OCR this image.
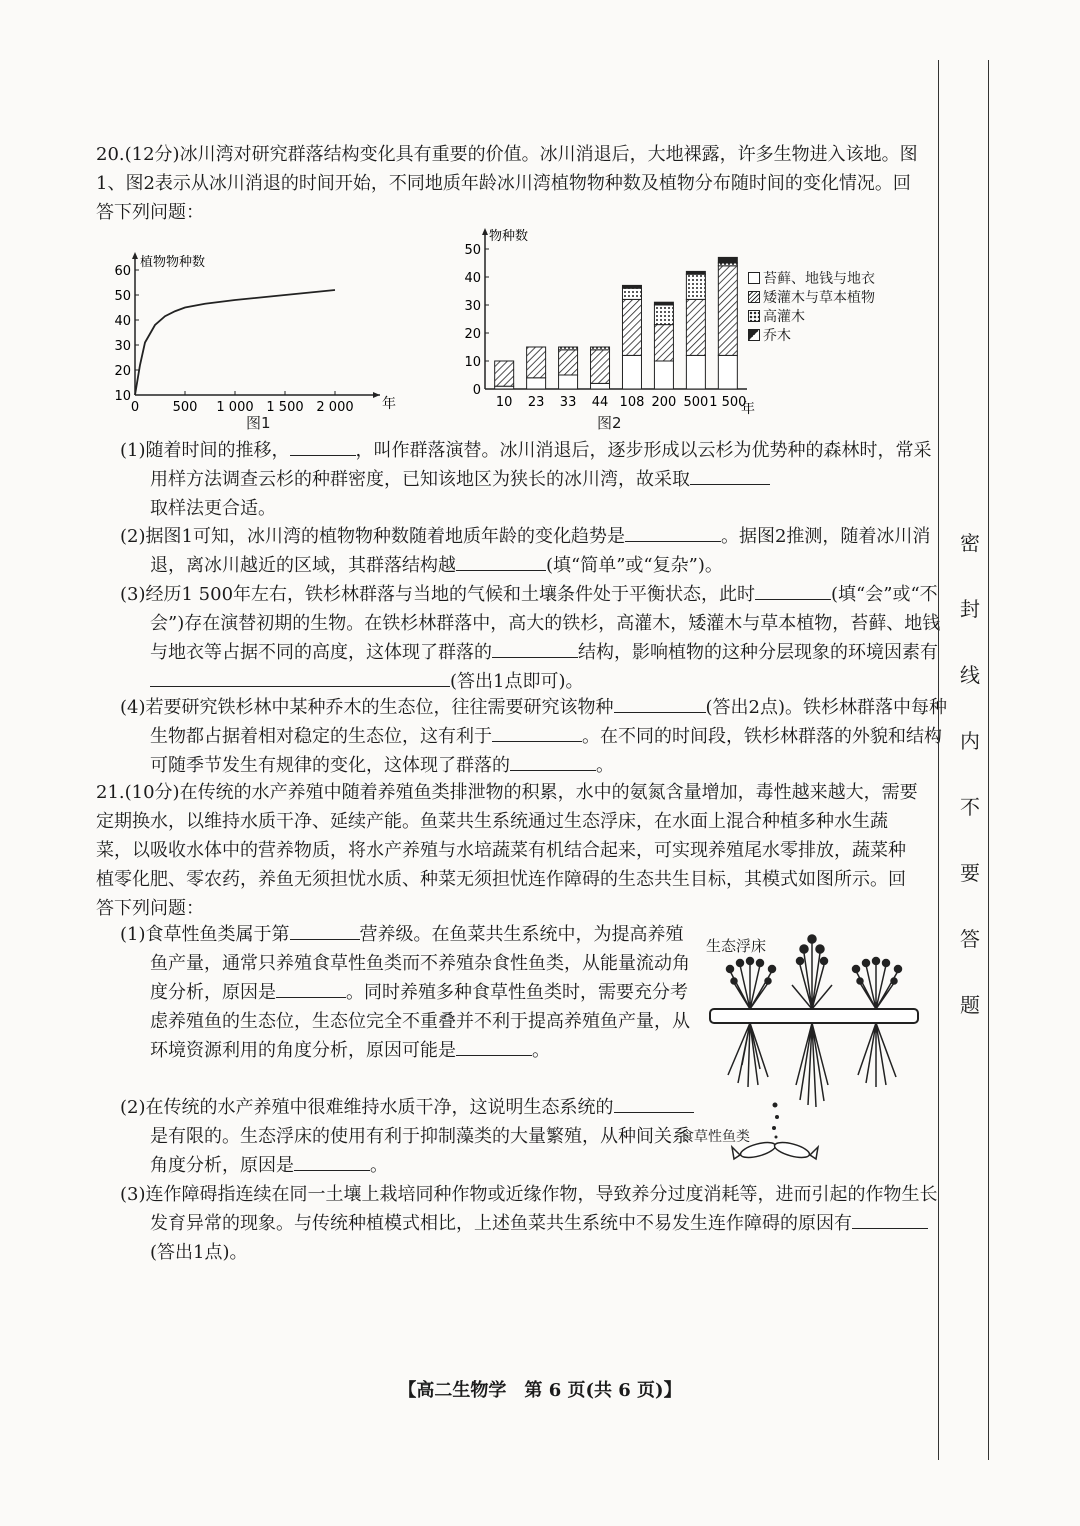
20.(12分)冰川湾对研究群落结构变化具有重要的价值。冰川消退后，大地裸露，许多生物进入该地。图1、图2表示从冰川消退的时间开始，不同地质年龄冰川湾植物物种数及植物分布随时间的变化情况。回答下列问题：
植物物种数
年
10
20
30
40
50
60
0	500 1 000 1 500 2 000
图1
物种数
0
10
20
30
40
50
10 23 33 44 108 200 500 1 500
年
图2
苔藓、地钱与地衣
矮灌木与草本植物
高灌木
乔木
(1)随着时间的推移，	，叫作群落演替。冰川消退后，逐步形成以云杉为优势种的森林时，常采用样方法调查云杉的种群密度，已知该地区为狭长的冰川湾，故采取
取样法更合适。
(2)据图1可知，冰川湾的植物物种数随着地质年龄的变化趋势是	。据图2推测，随着冰川消退，离冰川越近的区域，其群落结构越	(填“简单”或“复杂”)。
(3)经历1 500年左右，铁杉林群落与当地的气候和土壤条件处于平衡状态，此时	(填“会”或“不会”)存在演替初期的生物。在铁杉林群落中，高大的铁杉，高灌木，矮灌木与草本植物，苔藓、地钱与地衣等占据不同的高度，这体现了群落的	结构，影响植物的这种分层现象的环境因素有(答出1点即可)。
(4)若要研究铁杉林中某种乔木的生态位，往往需要研究该物种	(答出2点)。铁杉林群落中每种生物都占据着相对稳定的生态位，这有利于	。在不同的时间段，铁杉林群落的外貌和结构可随季节发生有规律的变化，这体现了群落的	。
21.(10分)在传统的水产养殖中随着养殖鱼类排泄物的积累，水中的氨氮含量增加，毒性越来越大，需要定期换水，以维持水质干净、延续产能。鱼菜共生系统通过生态浮床，在水面上混合种植多种水生蔬菜，以吸收水体中的营养物质，将水产养殖与水培蔬菜有机结合起来，可实现养殖尾水零排放，蔬菜种植零化肥、零农药，养鱼无须担忧水质、种菜无须担忧连作障碍的生态共生目标，其模式如图所示。回答下列问题：
(1)食草性鱼类属于第	营养级。在鱼菜共生系统中，为提高养殖鱼产量，通常只养殖食草性鱼类而不养殖杂食性鱼类，从能量流动角度分析，原因是	。同时养殖多种食草性鱼类时，需要充分考虑养殖鱼的生态位，生态位完全不重叠并不利于提高养殖鱼产量，从环境资源利用的角度分析，原因可能是	。
(2)在传统的水产养殖中很难维持水质干净，这说明生态系统的是有限的。生态浮床的使用有利于抑制藻类的大量繁殖，从种间关系角度分析，原因是	。
(3)连作障碍指连续在同一土壤上栽培同种作物或近缘作物，导致养分过度消耗等，进而引起的作物生长发育异常的现象。与传统种植模式相比，上述鱼菜共生系统中不易发生连作障碍的原因有(答出1点)。
生态浮床
食草性鱼类
密
封
线
内
不
要
答
题
【高二生物学　第 6 页(共 6 页)】
